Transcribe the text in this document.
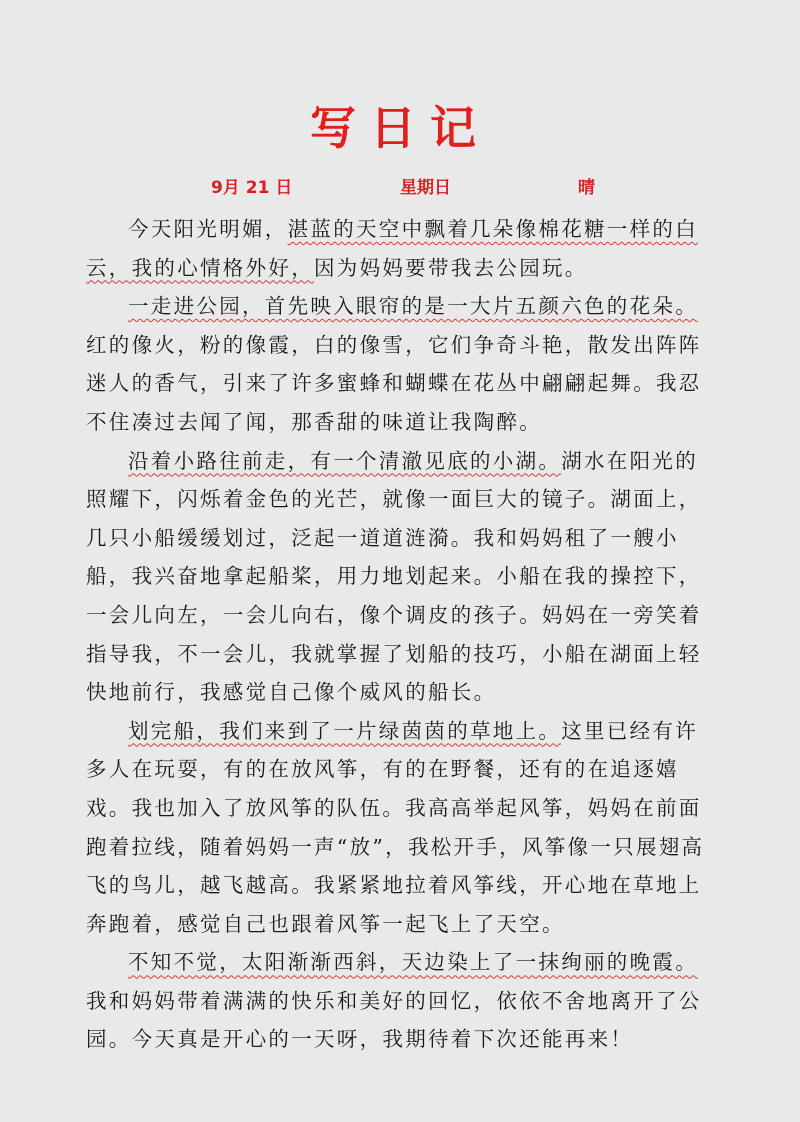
写日记
9月 21 日	星期日	晴

今天阳光明媚，湛蓝的天空中飘着几朵像棉花糖一样的白云，我的心情格外好，因为妈妈要带我去公园玩。

一走进公园，首先映入眼帘的是一大片五颜六色的花朵。红的像火，粉的像霞，白的像雪，它们争奇斗艳，散发出阵阵迷人的香气，引来了许多蜜蜂和蝴蝶在花丛中翩翩起舞。我忍不住凑过去闻了闻，那香甜的味道让我陶醉。

沿着小路往前走，有一个清澈见底的小湖。湖水在阳光的照耀下，闪烁着金色的光芒，就像一面巨大的镜子。湖面上，几只小船缓缓划过，泛起一道道涟漪。我和妈妈租了一艘小船，我兴奋地拿起船桨，用力地划起来。小船在我的操控下，一会儿向左，一会儿向右，像个调皮的孩子。妈妈在一旁笑着指导我，不一会儿，我就掌握了划船的技巧，小船在湖面上轻快地前行，我感觉自己像个威风的船长。

划完船，我们来到了一片绿茵茵的草地上。这里已经有许多人在玩耍，有的在放风筝，有的在野餐，还有的在追逐嬉戏。我也加入了放风筝的队伍。我高高举起风筝，妈妈在前面跑着拉线，随着妈妈一声“放”，我松开手，风筝像一只展翅高飞的鸟儿，越飞越高。我紧紧地拉着风筝线，开心地在草地上奔跑着，感觉自己也跟着风筝一起飞上了天空。

不知不觉，太阳渐渐西斜，天边染上了一抹绚丽的晚霞。我和妈妈带着满满的快乐和美好的回忆，依依不舍地离开了公园。今天真是开心的一天呀，我期待着下次还能再来！
